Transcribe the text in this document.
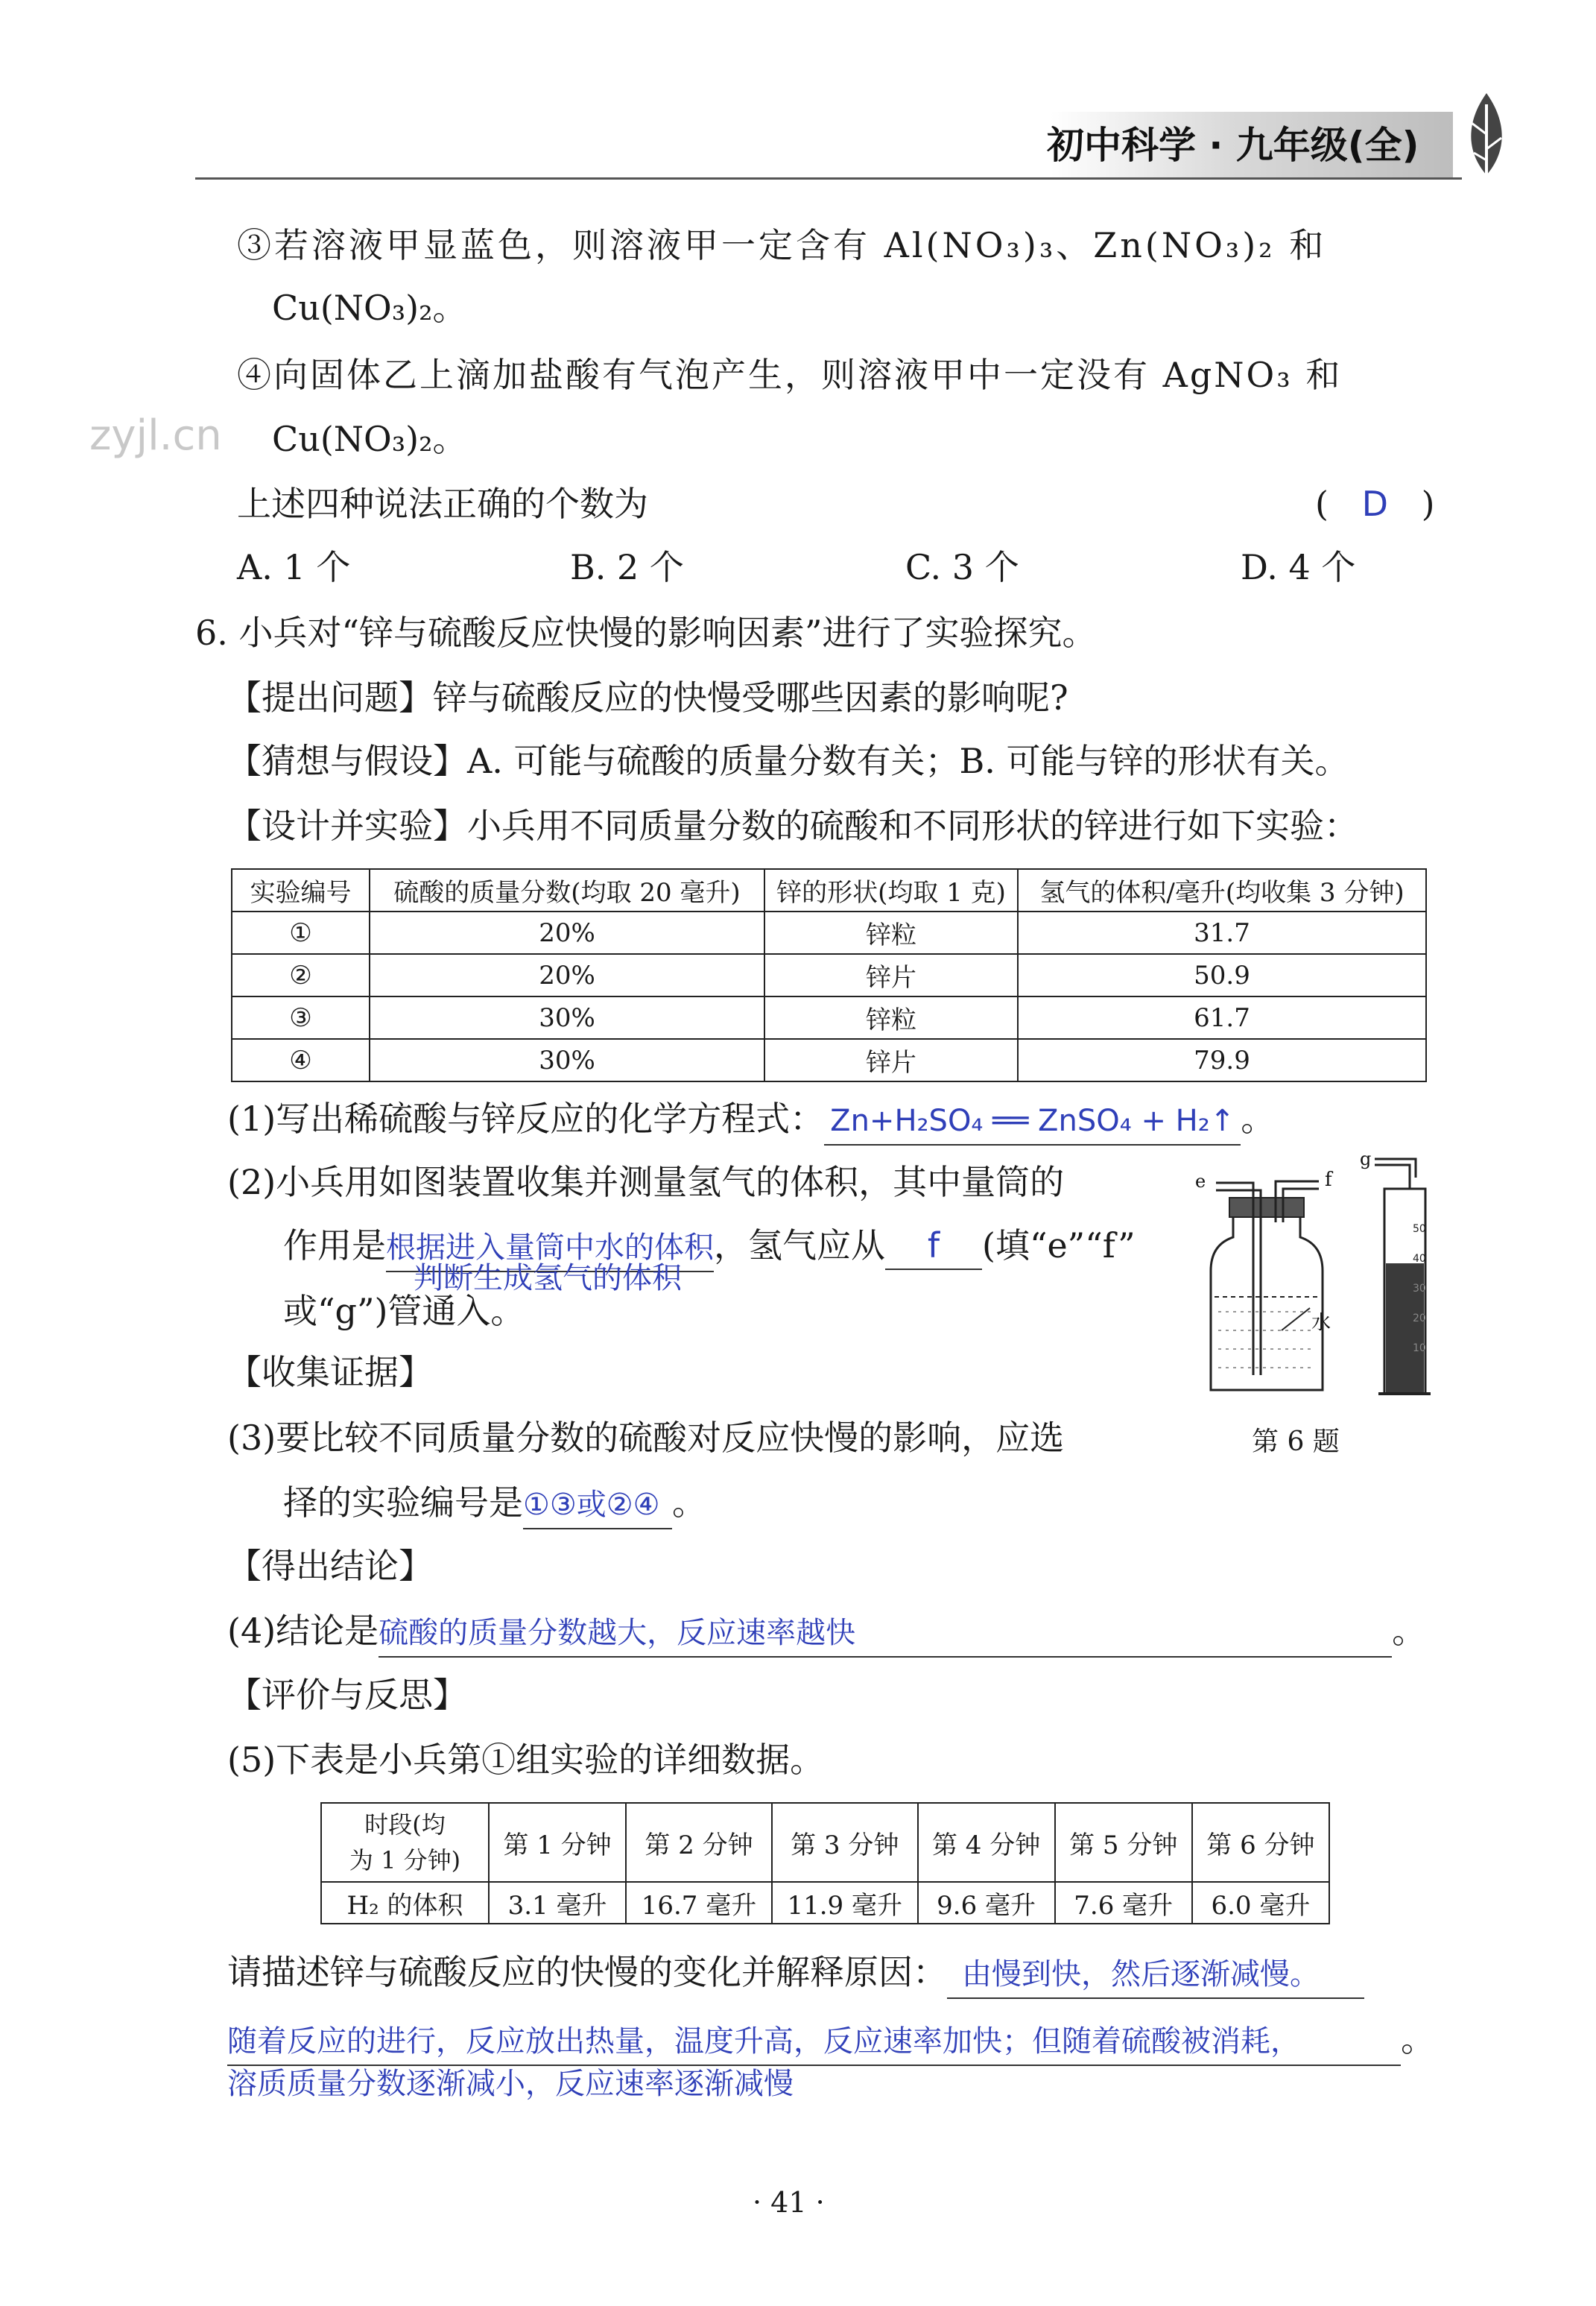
初中科学 · 九年级(全)
zyjl.cn
③若溶液甲显蓝色，则溶液甲一定含有 Al(NO₃)₃、Zn(NO₃)₂ 和
Cu(NO₃)₂。
④向固体乙上滴加盐酸有气泡产生，则溶液甲中一定没有 AgNO₃ 和
Cu(NO₃)₂。
上述四种说法正确的个数为	( D )
A. 1 个	B. 2 个	C. 3 个	D. 4 个
6. 小兵对“锌与硫酸反应快慢的影响因素”进行了实验探究。
【提出问题】锌与硫酸反应的快慢受哪些因素的影响呢?
【猜想与假设】A. 可能与硫酸的质量分数有关；B. 可能与锌的形状有关。
【设计并实验】小兵用不同质量分数的硫酸和不同形状的锌进行如下实验：
实验编号	硫酸的质量分数(均取 20 毫升)	锌的形状(均取 1 克)	氢气的体积/毫升(均收集 3 分钟)
①	20%	锌粒	31.7
②	20%	锌片	50.9
③	30%	锌粒	61.7
④	30%	锌片	79.9
(1)写出稀硫酸与锌反应的化学方程式： Zn+H₂SO₄ ══ ZnSO₄ + H₂↑ 。
(2)小兵用如图装置收集并测量氢气的体积，其中量筒的
作用是根据进入量筒中水的体积，氢气应从 f (填“e”“f”
判断生成氢气的体积
或“g”)管通入。
【收集证据】
(3)要比较不同质量分数的硫酸对反应快慢的影响，应选
择的实验编号是①③或②④ 。
【得出结论】
(4)结论是硫酸的质量分数越大，反应速率越快	。
【评价与反思】
(5)下表是小兵第①组实验的详细数据。
时段(均
为 1 分钟)	第 1 分钟	第 2 分钟	第 3 分钟	第 4 分钟	第 5 分钟	第 6 分钟
H₂ 的体积	3.1 毫升	16.7 毫升	11.9 毫升	9.6 毫升	7.6 毫升	6.0 毫升
请描述锌与硫酸反应的快慢的变化并解释原因： 由慢到快，然后逐渐减慢。
随着反应的进行，反应放出热量，温度升高，反应速率加快；但随着硫酸被消耗，	。
溶质质量分数逐渐减小，反应速率逐渐减慢
e	f
水
g
50
40
30
20
10
第 6 题
· 41 ·
